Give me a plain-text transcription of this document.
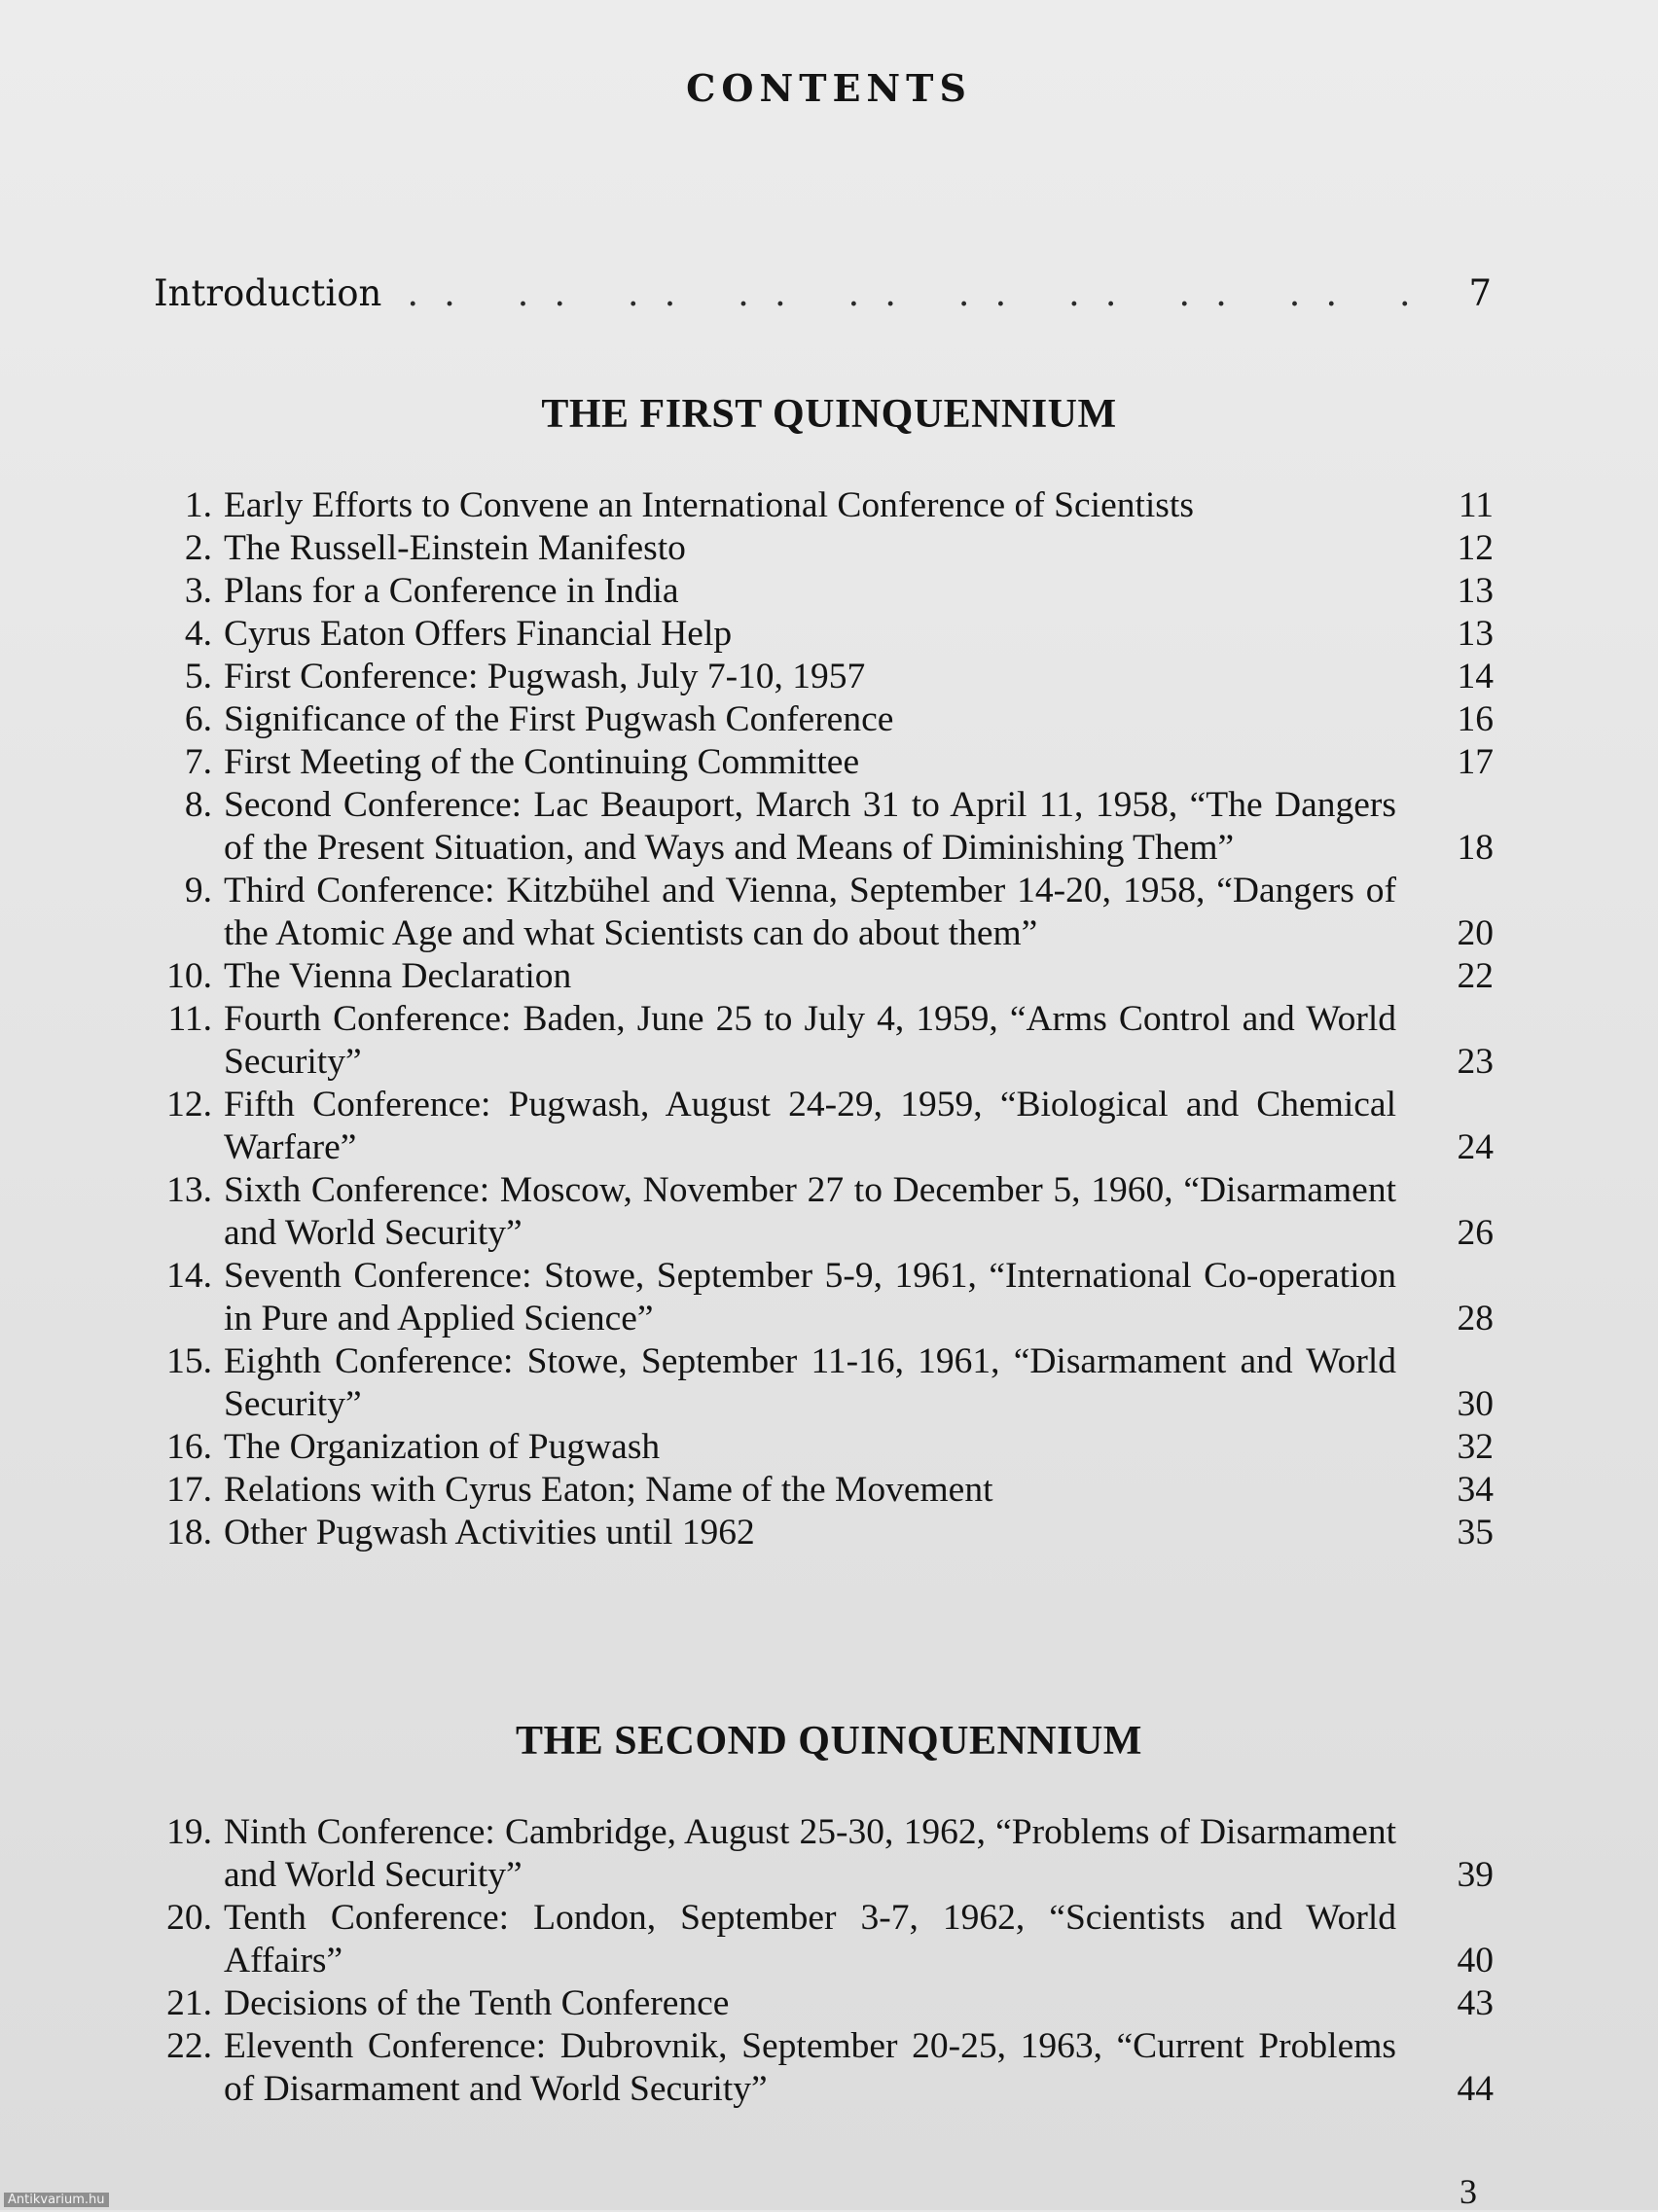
CONTENTS
Introduction .. ..	7
THE FIRST QUINQUENNIUM
1. Early Efforts to Convene an International Conference of Scientists	11
2. The Russell-Einstein Manifesto	12
3. Plans for a Conference in India	13
4. Cyrus Eaton Offers Financial Help	13
5. First Conference: Pugwash, July 7-10, 1957	14
6. Significance of the First Pugwash Conference	16
7. First Meeting of the Continuing Committee	17
8. Second Conference: Lac Beauport, March 31 to April 11, 1958, “The Dangers of the Present Situation, and Ways and Means of Diminishing Them”	18
9. Third Conference: Kitzbühel and Vienna, September 14-20, 1958, “Dangers of the Atomic Age and what Scientists can do about them”	20
10. The Vienna Declaration	22
11. Fourth Conference: Baden, June 25 to July 4, 1959, “Arms Control and World Security”	23
12. Fifth Conference: Pugwash, August 24-29, 1959, “Biological and Chemical Warfare”	24
13. Sixth Conference: Moscow, November 27 to December 5, 1960, “Disarmament and World Security”	26
14. Seventh Conference: Stowe, September 5-9, 1961, “International Co-operation in Pure and Applied Science”	28
15. Eighth Conference: Stowe, September 11-16, 1961, “Disarmament and World Security”	30
16. The Organization of Pugwash	32
17. Relations with Cyrus Eaton; Name of the Movement	34
18. Other Pugwash Activities until 1962	35
THE SECOND QUINQUENNIUM
19. Ninth Conference: Cambridge, August 25-30, 1962, “Problems of Disarmament and World Security”	39
20. Tenth Conference: London, September 3-7, 1962, “Scientists and World Affairs”	40
21. Decisions of the Tenth Conference	43
22. Eleventh Conference: Dubrovnik, September 20-25, 1963, “Current Problems of Disarmament and World Security”	44
3
Antikvarium.hu
